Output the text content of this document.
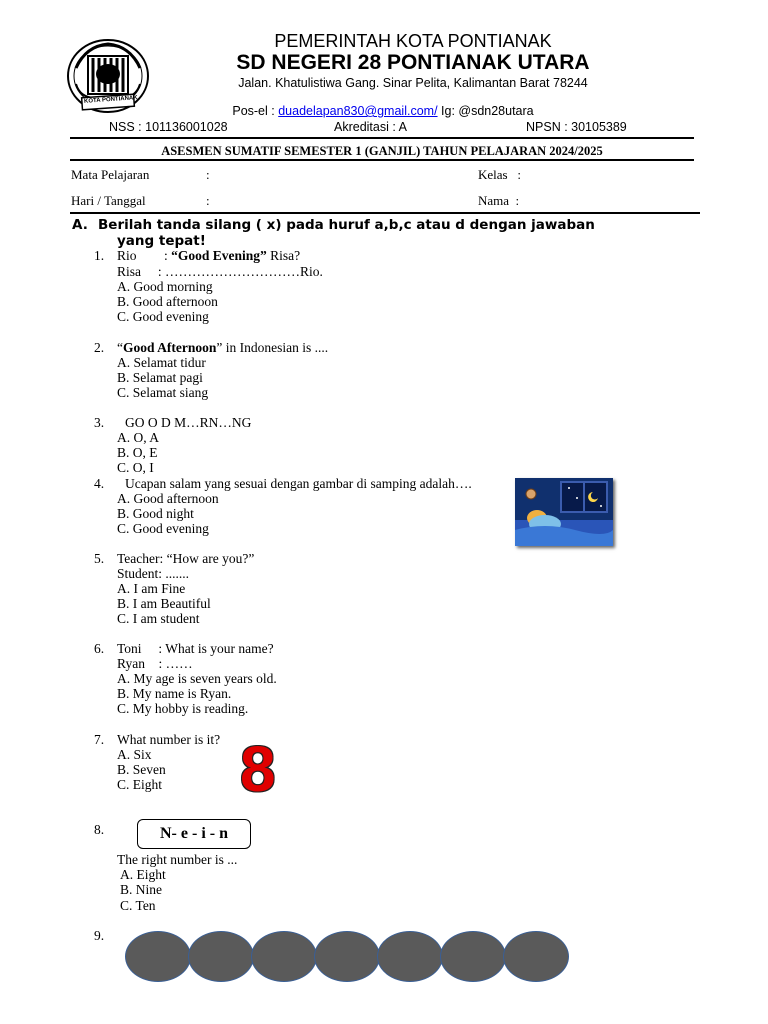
KOTA PONTIANAK
PEMERINTAH KOTA PONTIANAK
SD NEGERI 28 PONTIANAK UTARA
Jalan. Khatulistiwa Gang. Sinar Pelita, Kalimantan Barat 78244
Pos-el : duadelapan830@gmail.com/ Ig: @sdn28utara
NSS : 101136001028	Akreditasi : A	NPSN : 30105389
ASESMEN SUMATIF SEMESTER 1 (GANJIL) TAHUN PELAJARAN 2024/2025
Mata Pelajaran	:	Kelas   :
Hari / Tanggal	:	Nama  :
A. Berilah tanda silang ( x) pada huruf a,b,c atau d dengan jawaban
yang tepat!
1. Rio : “Good Evening” Risa?
Risa     : …………………………Rio.
A. Good morning
B. Good afternoon
C. Good evening
2. “Good Afternoon” in Indonesian is ....
A. Selamat tidur
B. Selamat pagi
C. Selamat siang
3. GO O D M…RN…NG
A. O, A
B. O, E
C. O, I
4. Ucapan salam yang sesuai dengan gambar di samping adalah….
A. Good afternoon
B. Good night
C. Good evening
5. Teacher: “How are you?”
Student: .......
A. I am Fine
B. I am Beautiful
C. I am student
6. Toni     : What is your name?
Ryan    : ……
A. My age is seven years old.
B. My name is Ryan.
C. My hobby is reading.
7. What number is it?
A. Six
B. Seven
C. Eight 8
8.	N- e - i - n
The right number is ...
A. Eight
B. Nine
C. Ten
9.
